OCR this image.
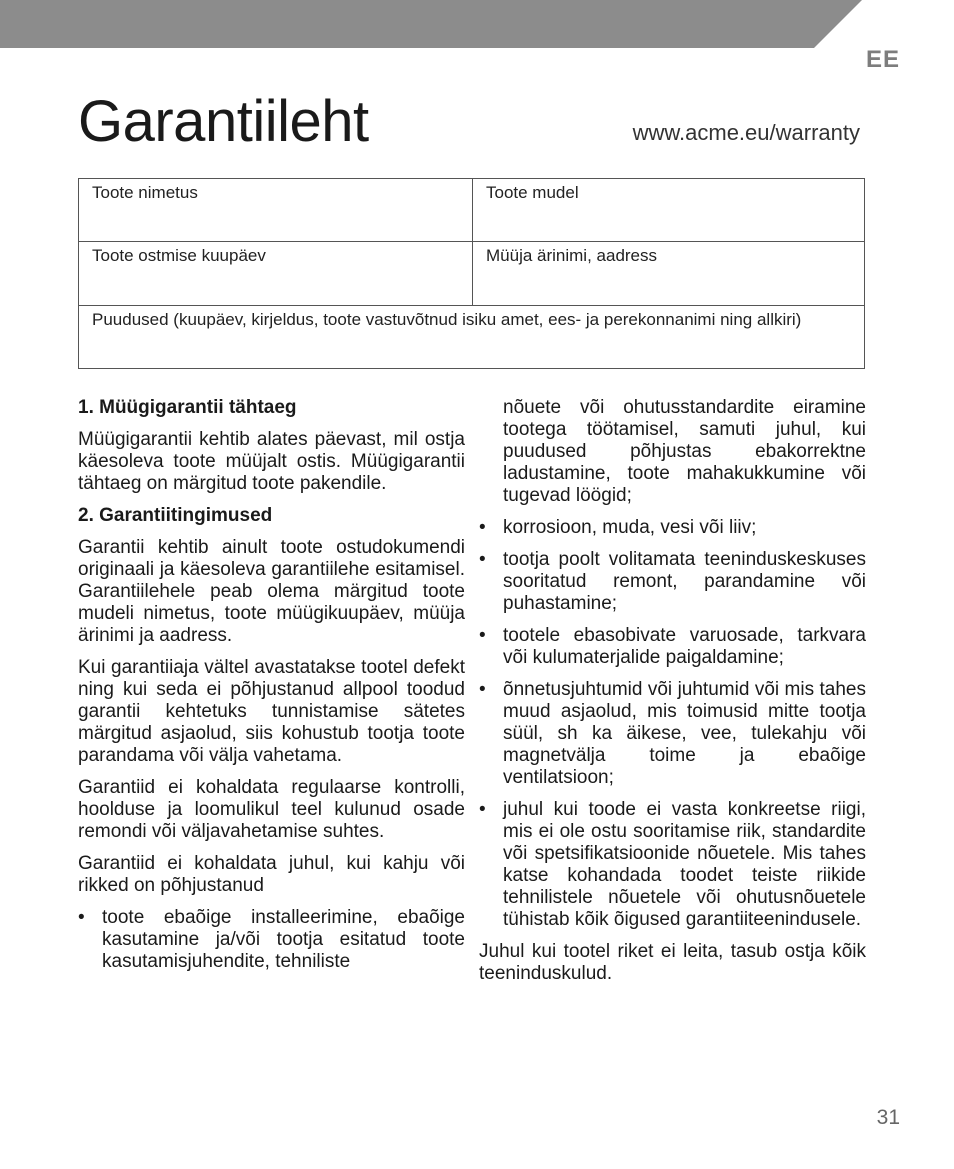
EE
Garantiileht	www.acme.eu/warranty
Toote nimetus	Toote mudel
Toote ostmise kuupäev	Müüja ärinimi, aadress
Puudused (kuupäev, kirjeldus, toote vastuvõtnud isiku amet, ees- ja perekonnanimi ning allkiri)
1. Müügigarantii tähtaeg

Müügigarantii kehtib alates päevast, mil ostja käesoleva toote müüjalt ostis. Müügigarantii tähtaeg on märgitud toote pakendile.

2. Garantiitingimused

Garantii kehtib ainult toote ostudokumendi originaali ja käesoleva garantiilehe esitamisel. Garantiilehele peab olema märgitud toote mudeli nimetus, toote müügikuupäev, müüja ärinimi ja aadress.

Kui garantiiaja vältel avastatakse tootel defekt ning kui seda ei põhjustanud allpool toodud garantii kehtetuks tunnistamise sätetes märgitud asjaolud, siis kohustub tootja toote parandama või välja vahetama.

Garantiid ei kohaldata regulaarse kontrolli, hoolduse ja loomulikul teel kulunud osade remondi või väljavahetamise suhtes.

Garantiid ei kohaldata juhul, kui kahju või rikked on põhjustanud

• toote ebaõige installeerimine, ebaõige kasutamine ja/või tootja esitatud toote kasutamisjuhendite, tehniliste
nõuete või ohutusstandardite eiramine tootega töötamisel, samuti juhul, kui puudused põhjustas ebakorrektne ladustamine, toote mahakukkumine või tugevad löögid;
• korrosioon, muda, vesi või liiv;
• tootja poolt volitamata teeninduskeskuses sooritatud remont, parandamine või puhastamine;
• tootele ebasobivate varuosade, tarkvara või kulumaterjalide paigaldamine;
• õnnetusjuhtumid või juhtumid või mis tahes muud asjaolud, mis toimusid mitte tootja süül, sh ka äikese, vee, tulekahju või magnetvälja toime ja ebaõige ventilatsioon;
• juhul kui toode ei vasta konkreetse riigi, mis ei ole ostu sooritamise riik, standardite või spetsifikatsioonide nõuetele. Mis tahes katse kohandada toodet teiste riikide tehnilistele nõuetele või ohutusnõuetele tühistab kõik õigused garantiiteenindusele.

Juhul kui tootel riket ei leita, tasub ostja kõik teeninduskulud.

31
